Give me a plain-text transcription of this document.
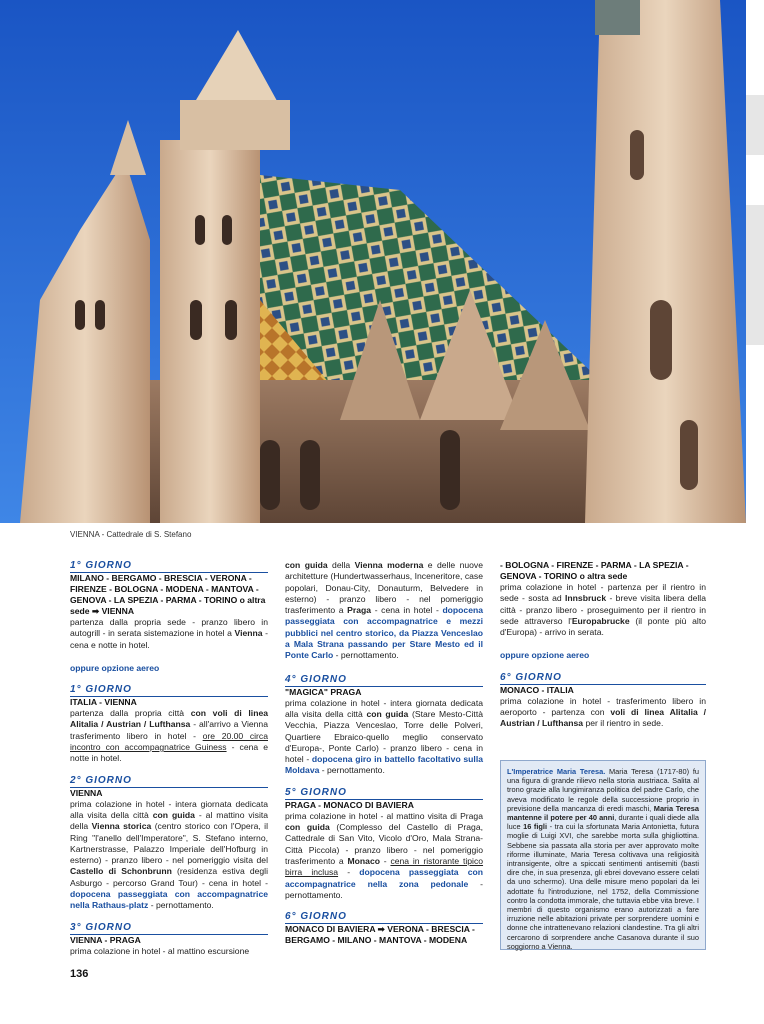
VIENNA - Cattedrale di S. Stefano
1° GIORNO
MILANO - BERGAMO - BRESCIA - VERONA - FIRENZE - BOLOGNA - MODENA - MANTOVA - GENOVA - LA SPEZIA - PARMA - TORINO o altra sede ➡ VIENNA

partenza dalla propria sede - pranzo libero in autogrill - in serata sistemazione in hotel a Vienna - cena e notte in hotel.

oppure opzione aereo
1° GIORNO
ITALIA - VIENNA

partenza dalla propria città con voli di linea Alitalia / Austrian / Lufthansa - all'arrivo a Vienna trasferimento libero in hotel - ore 20.00 circa incontro con accompagnatrice Guiness - cena e notte in hotel.

2° GIORNO
VIENNA

prima colazione in hotel - intera giornata dedicata alla visita della città con guida - al mattino visita della Vienna storica (centro storico con l'Opera, il Ring "l'anello dell'Imperatore", S. Stefano interno, Kartnerstrasse, Palazzo Imperiale dell'Hofburg in esterno) - pranzo libero - nel pomeriggio visita del Castello di Schonbrunn (residenza estiva degli Asburgo - percorso Grand Tour) - cena in hotel - dopocena passeggiata con accompagnatrice nella Rathaus-platz - pernottamento.

3° GIORNO
VIENNA - PRAGA

prima colazione in hotel - al mattino escursione

con guida della Vienna moderna e delle nuove architetture (Hundertwasserhaus, Inceneritore, case popolari, Donau-City, Donauturm, Belvedere in esterno) - pranzo libero - nel pomeriggio trasferimento a Praga - cena in hotel - dopocena passeggiata con accompagnatrice e mezzi pubblici nel centro storico, da Piazza Venceslao a Mala Strana passando per Stare Mesto ed il Ponte Carlo - pernottamento.

4° GIORNO
"MAGICA" PRAGA

prima colazione in hotel - intera giornata dedicata alla visita della città con guida (Stare Mesto-Città Vecchia, Piazza Venceslao, Torre delle Polveri, Quartiere Ebraico-quello meglio conservato d'Europa-, Ponte Carlo) - pranzo libero - cena in hotel - dopocena giro in battello facoltativo sulla Moldava - pernottamento.

5° GIORNO
PRAGA - MONACO DI BAVIERA

prima colazione in hotel - al mattino visita di Praga con guida (Complesso del Castello di Praga, Cattedrale di San Vito, Vicolo d'Oro, Mala Strana-Città Piccola) - pranzo libero - nel pomeriggio trasferimento a Monaco - cena in ristorante tipico birra inclusa - dopocena passeggiata con accompagnatrice nella zona pedonale - pernottamento.

6° GIORNO
MONACO DI BAVIERA ➡ VERONA - BRESCIA - BERGAMO - MILANO - MANTOVA - MODENA
- BOLOGNA - FIRENZE - PARMA - LA SPEZIA - GENOVA - TORINO o altra sede

prima colazione in hotel - partenza per il rientro in sede - sosta ad Innsbruck - breve visita libera della città - pranzo libero - proseguimento per il rientro in sede attraverso l'Europabrucke (il ponte più alto d'Europa) - arrivo in serata.

oppure opzione aereo
6° GIORNO
MONACO - ITALIA

prima colazione in hotel - trasferimento libero in aeroporto - partenza con voli di linea Alitalia / Austrian / Lufthansa per il rientro in sede.

L'Imperatrice Maria Teresa. Maria Teresa (1717-80) fu una figura di grande rilievo nella storia austriaca. Salita al trono grazie alla lungimiranza politica del padre Carlo, che aveva modificato le regole della successione proprio in previsione della mancanza di eredi maschi, Maria Teresa mantenne il potere per 40 anni, durante i quali diede alla luce 16 figli - tra cui la sfortunata Maria Antonietta, futura moglie di Luigi XVI, che sarebbe morta sulla ghigliottina. Sebbene sia passata alla storia per aver approvato molte riforme illuminate, Maria Teresa coltivava una religiosità intransigente, oltre a spiccati sentimenti antisemiti (basti dire che, in sua presenza, gli ebrei dovevano essere celati da uno schermo). Una delle misure meno popolari da lei adottate fu l'introduzione, nel 1752, della Commissione contro la condotta immorale, che tuttavia ebbe vita breve. I membri di questo organismo erano autorizzati a fare irruzione nelle abitazioni private per sorprendere uomini e donne che intrattenevano relazioni clandestine. Tra gli altri cercarono di sorprendere anche Casanova durante il suo soggiorno a Vienna.

136
